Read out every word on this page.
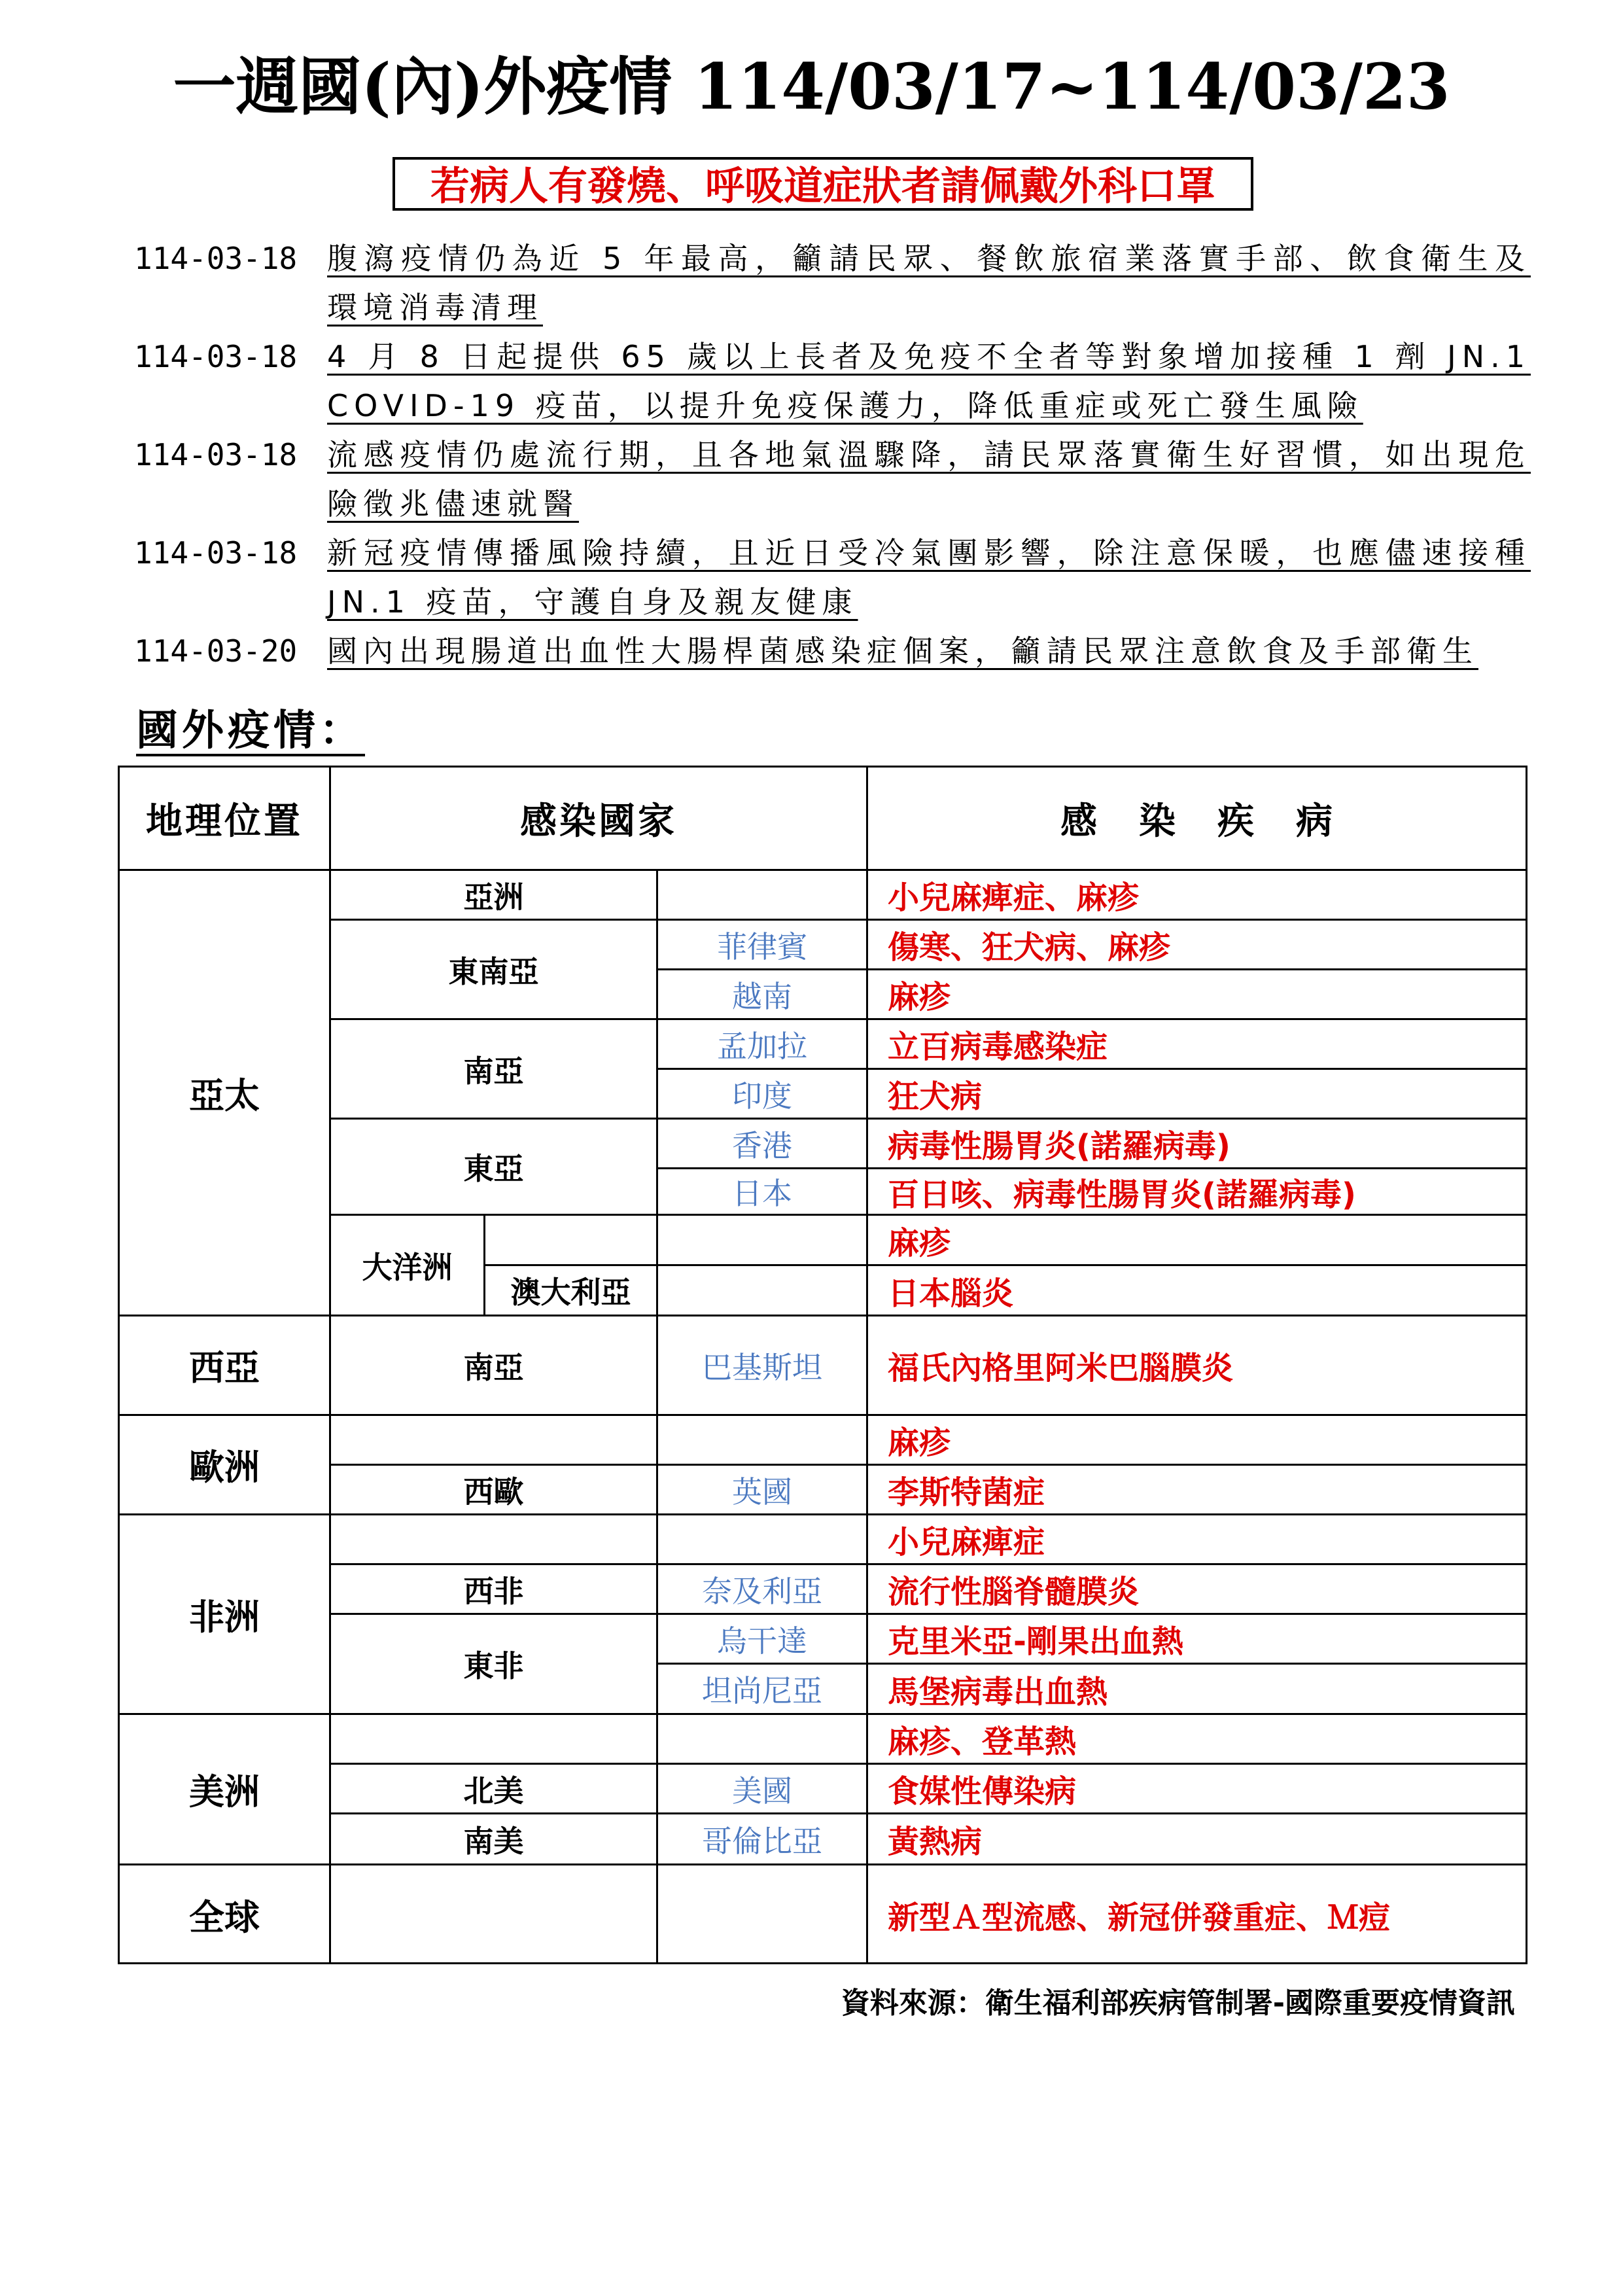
一週國(內)外疫情 114/03/17~114/03/23
若病人有發燒、呼吸道症狀者請佩戴外科口罩
114-03-18 腹瀉疫情仍為近 5 年最高，籲請民眾、餐飲旅宿業落實手部、飲食衛生及環境消毒清理
114-03-18 4 月 8 日起提供 65 歲以上長者及免疫不全者等對象增加接種 1 劑 JN.1 COVID-19 疫苗，以提升免疫保護力，降低重症或死亡發生風險
114-03-18 流感疫情仍處流行期，且各地氣溫驟降，請民眾落實衛生好習慣，如出現危險徵兆儘速就醫
114-03-18 新冠疫情傳播風險持續，且近日受冷氣團影響，除注意保暖，也應儘速接種 JN.1 疫苗，守護自身及親友健康
114-03-20 國內出現腸道出血性大腸桿菌感染症個案，籲請民眾注意飲食及手部衛生
國外疫情：
地理位置	感染國家	感　染　疾　病
亞太
西亞
歐洲
非洲
美洲
全球
亞洲
東南亞
南亞
東亞
大洋洲
澳大利亞
南亞
西歐
西非
東非
北美
南美
菲律賓
越南
孟加拉
印度
香港
日本
巴基斯坦
英國
奈及利亞
烏干達
坦尚尼亞
美國
哥倫比亞
小兒麻痺症、麻疹
傷寒、狂犬病、麻疹
麻疹
立百病毒感染症
狂犬病
病毒性腸胃炎(諾羅病毒)
百日咳、病毒性腸胃炎(諾羅病毒)
麻疹
日本腦炎
福氏內格里阿米巴腦膜炎
麻疹
李斯特菌症
小兒麻痺症
流行性腦脊髓膜炎
克里米亞-剛果出血熱
馬堡病毒出血熱
麻疹、登革熱
食媒性傳染病
黃熱病
新型Ａ型流感、新冠併發重症、Ｍ痘
資料來源：衛生福利部疾病管制署-國際重要疫情資訊
